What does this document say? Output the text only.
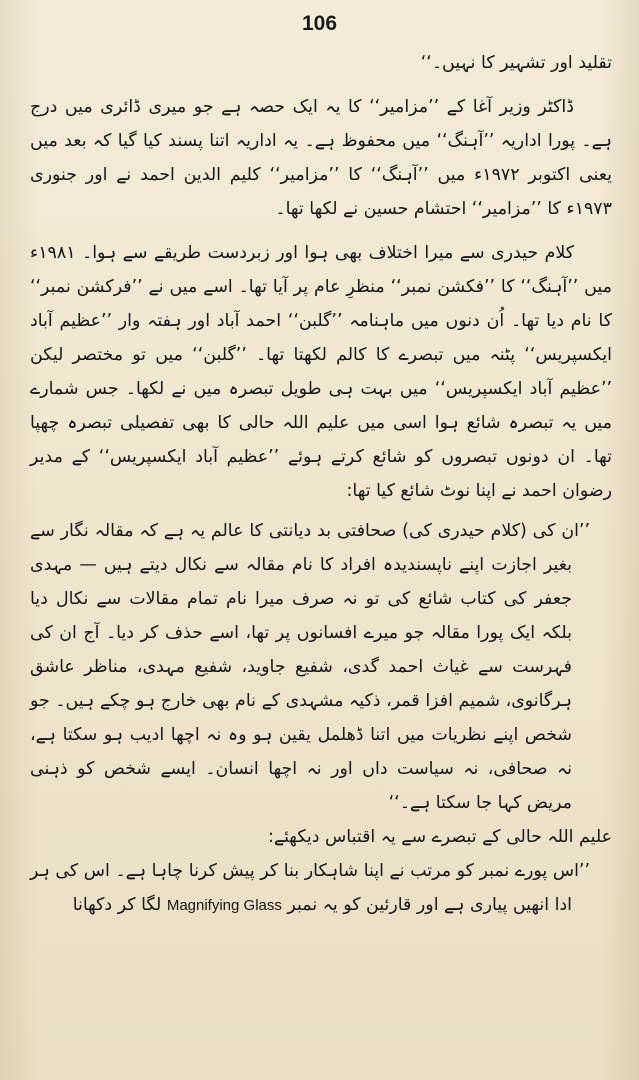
106

تقلید اور تشہیر کا نہیں۔‘‘

ڈاکٹر وزیر آغا کے ’’مزامیر‘‘ کا یہ ایک حصہ ہے جو میری ڈائری میں درج ہے۔ پورا اداریہ ’’آہنگ‘‘ میں محفوظ ہے۔ یہ اداریہ اتنا پسند کیا گیا کہ بعد میں یعنی اکتوبر ۱۹۷۲ء میں ’’آہنگ‘‘ کا ’’مزامیر‘‘ کلیم الدین احمد نے اور جنوری ۱۹۷۳ء کا ’’مزامیر‘‘ احتشام حسین نے لکھا تھا۔

کلام حیدری سے میرا اختلاف بھی ہوا اور زبردست طریقے سے ہوا۔ ۱۹۸۱ء میں ’’آہنگ‘‘ کا ’’فکشن نمبر‘‘ منظرِ عام پر آیا تھا۔ اسے میں نے ’’فرکشن نمبر‘‘ کا نام دیا تھا۔ اُن دنوں میں ماہنامہ ’’گلبن‘‘ احمد آباد اور ہفتہ وار ’’عظیم آباد ایکسپریس‘‘ پٹنہ میں تبصرے کا کالم لکھتا تھا۔ ’’گلبن‘‘ میں تو مختصر لیکن ’’عظیم آباد ایکسپریس‘‘ میں بہت ہی طویل تبصرہ میں نے لکھا۔ جس شمارے میں یہ تبصرہ شائع ہوا اسی میں علیم اللہ حالی کا بھی تفصیلی تبصرہ چھپا تھا۔ ان دونوں تبصروں کو شائع کرتے ہوئے ’’عظیم آباد ایکسپریس‘‘ کے مدیر رضوان احمد نے اپنا نوٹ شائع کیا تھا:

’’ان کی (کلام حیدری کی) صحافتی بد دیانتی کا عالم یہ ہے کہ مقالہ نگار سے بغیر اجازت اپنے ناپسندیدہ افراد کا نام مقالہ سے نکال دیتے ہیں — مہدی جعفر کی کتاب شائع کی تو نہ صرف میرا نام تمام مقالات سے نکال دیا بلکہ ایک پورا مقالہ جو میرے افسانوں پر تھا، اسے حذف کر دیا۔ آج ان کی فہرست سے غیاث احمد گدی، شفیع جاوید، شفیع مہدی، مناظر عاشق ہرگانوی، شمیم افزا قمر، ذکیہ مشہدی کے نام بھی خارج ہو چکے ہیں۔ جو شخص اپنے نظریات میں اتنا ڈھلمل یقین ہو وہ نہ اچھا ادیب ہو سکتا ہے، نہ صحافی، نہ سیاست داں اور نہ اچھا انسان۔ ایسے شخص کو ذہنی مریض کہا جا سکتا ہے۔‘‘

علیم اللہ حالی کے تبصرے سے یہ اقتباس دیکھئے:

’’اس پورے نمبر کو مرتب نے اپنا شاہکار بنا کر پیش کرنا چاہا ہے۔ اس کی ہر ادا انھیں پیاری ہے اور قارئین کو یہ نمبر Magnifying Glass لگا کر دکھانا
